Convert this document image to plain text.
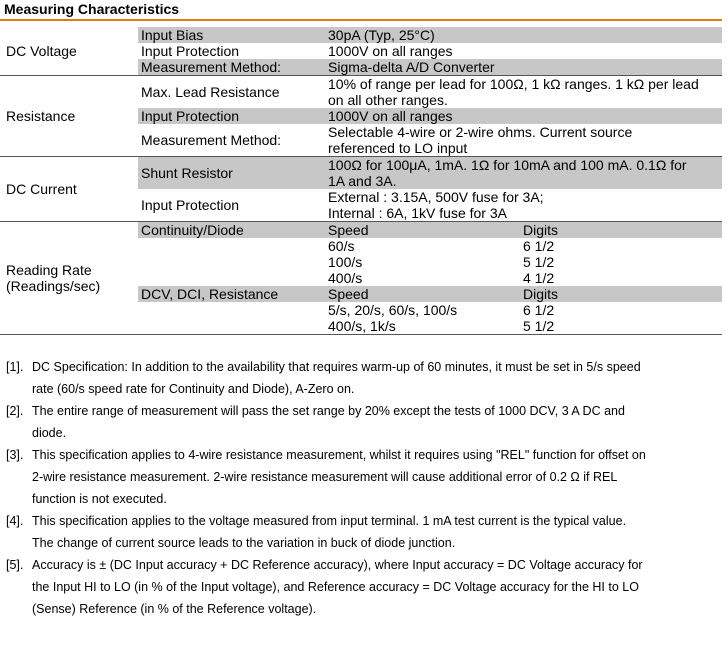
Measuring Characteristics
DC Voltage
Input Bias	30pA (Typ, 25°C)
Input Protection	1000V on all ranges
Measurement Method:	Sigma-delta A/D Converter
Resistance
Max. Lead Resistance	10% of range per lead for 100Ω, 1 kΩ ranges. 1 kΩ per lead
on all other ranges.
Input Protection	1000V on all ranges
Measurement Method:	Selectable 4-wire or 2-wire ohms. Current source
referenced to LO input
DC Current
Shunt Resistor	100Ω for 100μA, 1mA. 1Ω for 10mA and 100 mA. 0.1Ω for
1A and 3A.
Input Protection	External : 3.15A, 500V fuse for 3A;
Internal : 6A, 1kV fuse for 3A
Reading Rate
(Readings/sec)
Continuity/Diode	Speed	Digits
60/s	6 1/2
100/s	5 1/2
400/s	4 1/2
DCV, DCI, Resistance	Speed	Digits
5/s, 20/s, 60/s, 100/s	6 1/2
400/s, 1k/s	5 1/2
[1]. DC Specification: In addition to the availability that requires warm-up of 60 minutes, it must be set in 5/s speed
rate (60/s speed rate for Continuity and Diode), A-Zero on.
[2]. The entire range of measurement will pass the set range by 20% except the tests of 1000 DCV, 3 A DC and
diode.
[3]. This specification applies to 4-wire resistance measurement, whilst it requires using "REL" function for offset on
2-wire resistance measurement. 2-wire resistance measurement will cause additional error of 0.2 Ω if REL
function is not executed.
[4]. This specification applies to the voltage measured from input terminal. 1 mA test current is the typical value.
The change of current source leads to the variation in buck of diode junction.
[5]. Accuracy is ± (DC Input accuracy + DC Reference accuracy), where Input accuracy = DC Voltage accuracy for
the Input HI to LO (in % of the Input voltage), and Reference accuracy = DC Voltage accuracy for the HI to LO
(Sense) Reference (in % of the Reference voltage).
